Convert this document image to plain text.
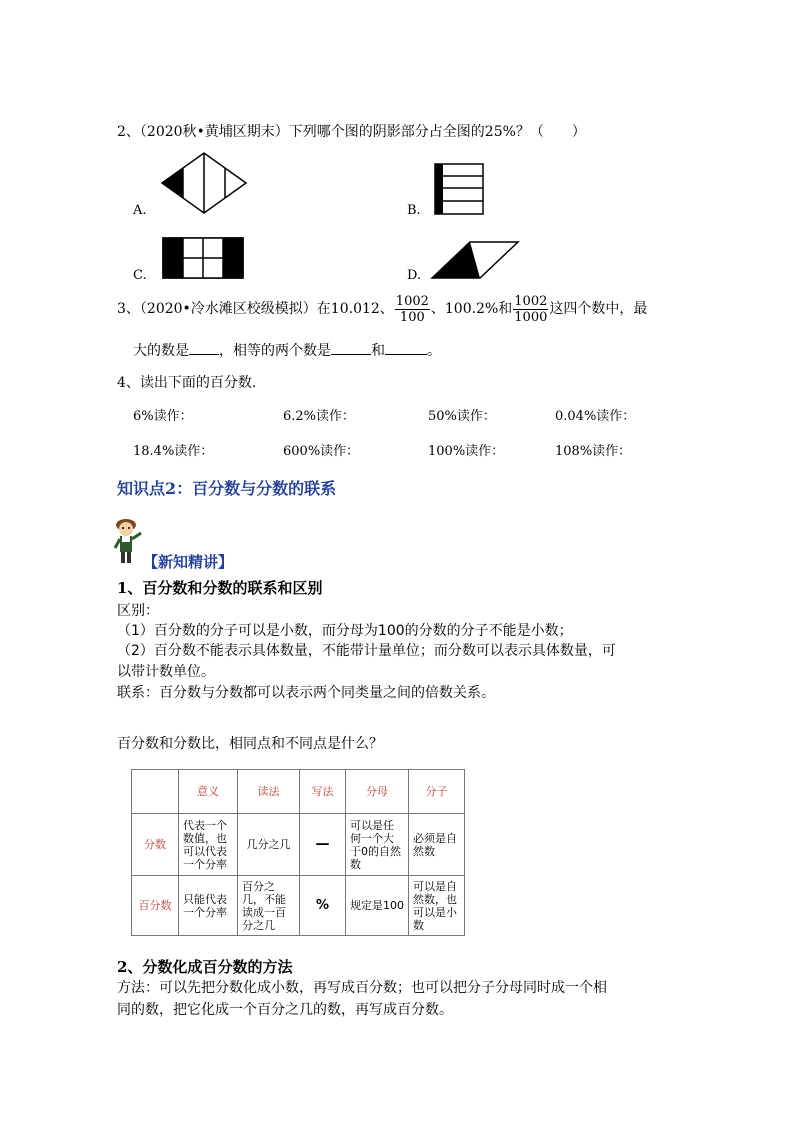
2、（2020秋•黄埔区期末）下列哪个图的阴影部分占全图的25%？（　　）
A.	B.
C.	D.
3、（2020•冷水滩区校级模拟）在10.012、 $\frac{1002}{100}$ 、100.2%和 $\frac{1002}{1000}$ 这四个数中，最
大的数是 ，相等的两个数是	和	。
4、读出下面的百分数.
6%读作：	6.2%读作：	50%读作：	0.04%读作：
18.4%读作：	600%读作：	100%读作：	108%读作：
知识点2：百分数与分数的联系
【新知精讲】
1、百分数和分数的联系和区别
区别：
（1）百分数的分子可以是小数，而分母为100的分数的分子不能是小数；
（2）百分数不能表示具体数量，不能带计量单位；而分数可以表示具体数量，可
以带计数单位。
联系：百分数与分数都可以表示两个同类量之间的倍数关系。
百分数和分数比，相同点和不同点是什么？
	意义	读法	写法	分母	分子
分数	代表一个数值，也可以代表一个分率	几分之几	—	可以是任何一个大于0的自然数	必须是自然数
百分数	只能代表一个分率	百分之几，不能读成一百分之几	%	规定是100	可以是自然数，也可以是小数
2、分数化成百分数的方法
方法：可以先把分数化成小数，再写成百分数；也可以把分子分母同时成一个相
同的数，把它化成一个百分之几的数，再写成百分数。
